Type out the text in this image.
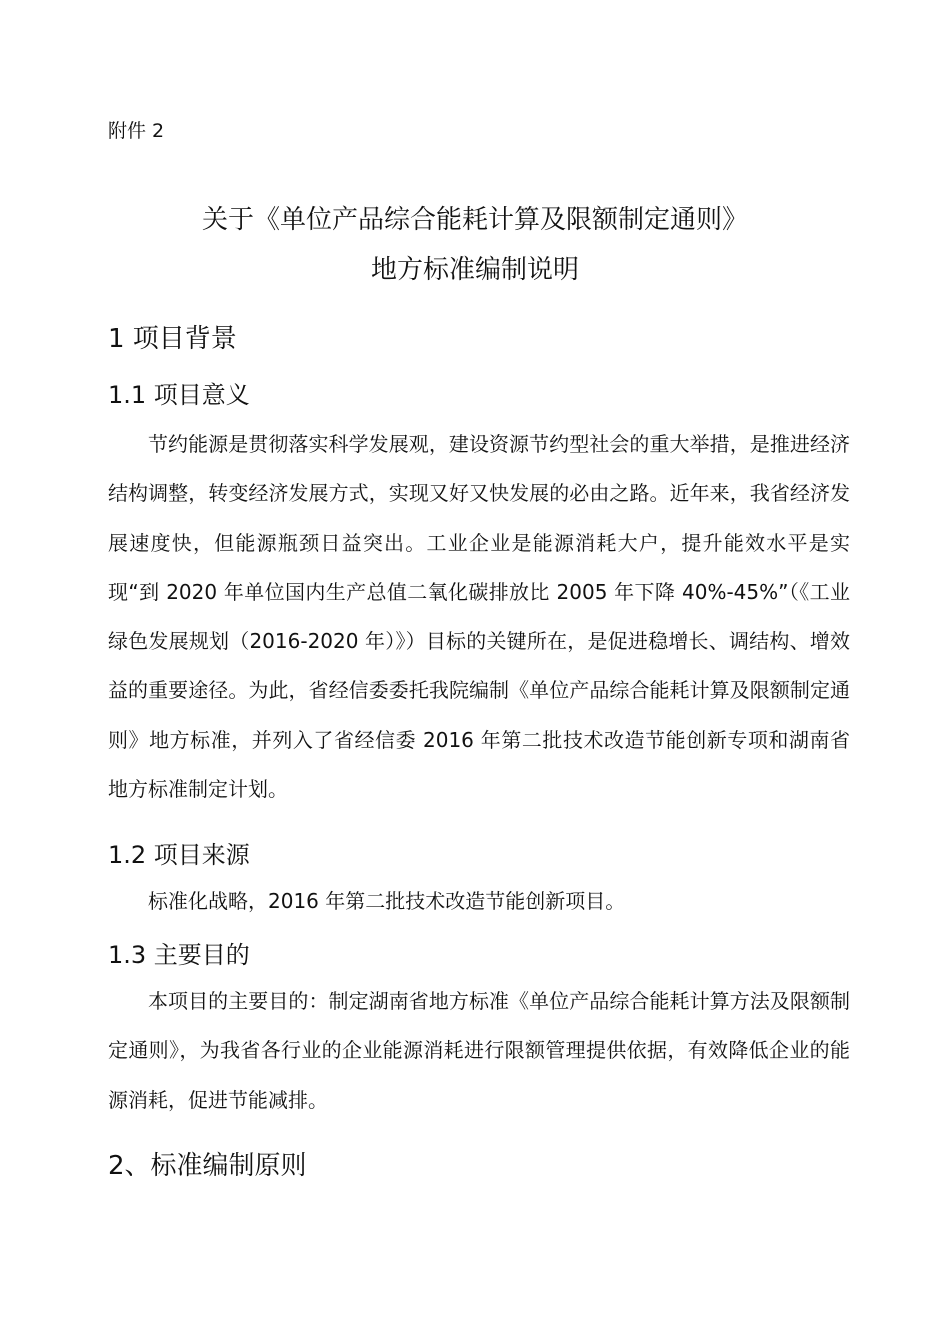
附件 2
关于《单位产品综合能耗计算及限额制定通则》
地方标准编制说明
1 项目背景
1.1 项目意义

节约能源是贯彻落实科学发展观，建设资源节约型社会的重大举措，是推进经济结构调整，转变经济发展方式，实现又好又快发展的必由之路。近年来，我省经济发展速度快，但能源瓶颈日益突出。工业企业是能源消耗大户，提升能效水平是实现“到 2020 年单位国内生产总值二氧化碳排放比 2005 年下降 40%-45%”（《工业绿色发展规划（2016-2020 年）》）目标的关键所在，是促进稳增长、调结构、增效益的重要途径。为此，省经信委委托我院编制《单位产品综合能耗计算及限额制定通则》地方标准，并列入了省经信委 2016 年第二批技术改造节能创新专项和湖南省地方标准制定计划。

1.2 项目来源

标准化战略，2016 年第二批技术改造节能创新项目。

1.3 主要目的

本项目的主要目的：制定湖南省地方标准《单位产品综合能耗计算方法及限额制定通则》，为我省各行业的企业能源消耗进行限额管理提供依据，有效降低企业的能源消耗，促进节能减排。

2、标准编制原则
